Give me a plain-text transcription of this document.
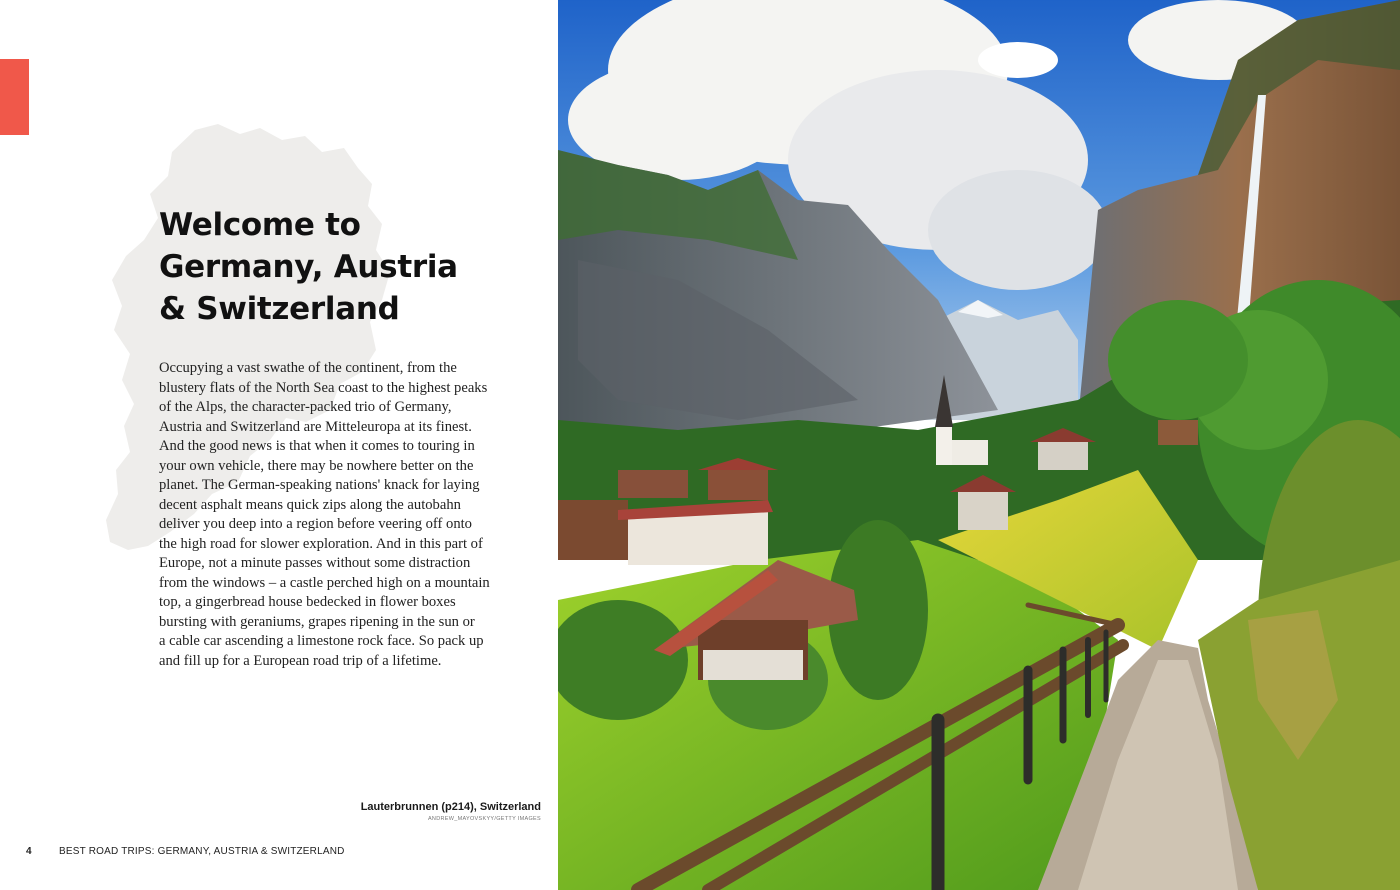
Welcome to
Germany, Austria
& Switzerland
Occupying a vast swathe of the continent, from the
blustery flats of the North Sea coast to the highest peaks
of the Alps, the character-packed trio of Germany,
Austria and Switzerland are Mitteleuropa at its finest.
And the good news is that when it comes to touring in
your own vehicle, there may be nowhere better on the
planet. The German-speaking nations' knack for laying
decent asphalt means quick zips along the autobahn
deliver you deep into a region before veering off onto
the high road for slower exploration. And in this part of
Europe, not a minute passes without some distraction
from the windows – a castle perched high on a mountain
top, a gingerbread house bedecked in flower boxes
bursting with geraniums, grapes ripening in the sun or
a cable car ascending a limestone rock face. So pack up
and fill up for a European road trip of a lifetime.
Lauterbrunnen (p214), Switzerland
ANDREW_MAYOVSKYY/GETTY IMAGES
4	BEST ROAD TRIPS: GERMANY, AUSTRIA & SWITZERLAND
